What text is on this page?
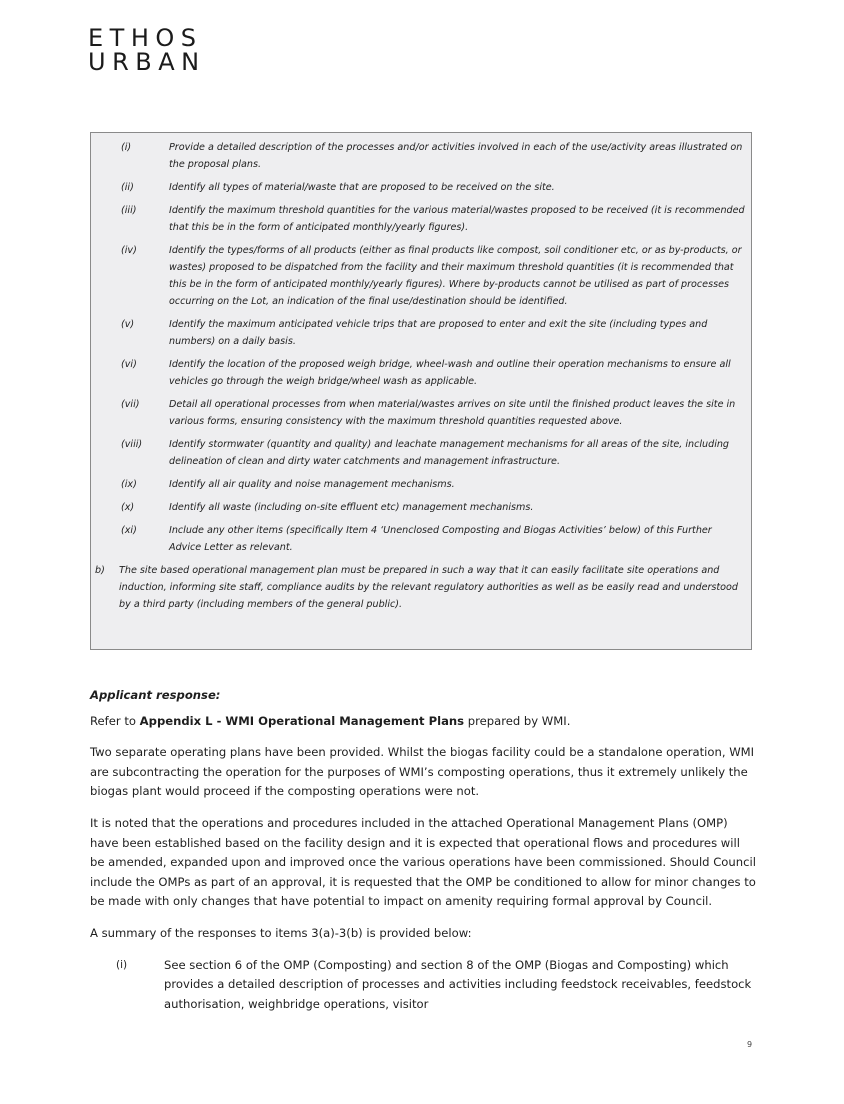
ETHOS
URBAN
(i)	Provide a detailed description of the processes and/or activities involved in each of the use/activity areas illustrated on the proposal plans.
(ii)	Identify all types of material/waste that are proposed to be received on the site.
(iii)	Identify the maximum threshold quantities for the various material/wastes proposed to be received (it is recommended that this be in the form of anticipated monthly/yearly figures).
(iv)	Identify the types/forms of all products (either as final products like compost, soil conditioner etc, or as by-products, or wastes) proposed to be dispatched from the facility and their maximum threshold quantities (it is recommended that this be in the form of anticipated monthly/yearly figures). Where by-products cannot be utilised as part of processes occurring on the Lot, an indication of the final use/destination should be identified.
(v)	Identify the maximum anticipated vehicle trips that are proposed to enter and exit the site (including types and numbers) on a daily basis.
(vi)	Identify the location of the proposed weigh bridge, wheel-wash and outline their operation mechanisms to ensure all vehicles go through the weigh bridge/wheel wash as applicable.
(vii)	Detail all operational processes from when material/wastes arrives on site until the finished product leaves the site in various forms, ensuring consistency with the maximum threshold quantities requested above.
(viii)	Identify stormwater (quantity and quality) and leachate management mechanisms for all areas of the site, including delineation of clean and dirty water catchments and management infrastructure.
(ix)	Identify all air quality and noise management mechanisms.
(x)	Identify all waste (including on-site effluent etc) management mechanisms.
(xi)	Include any other items (specifically Item 4 ‘Unenclosed Composting and Biogas Activities’ below) of this Further Advice Letter as relevant.
b)	The site based operational management plan must be prepared in such a way that it can easily facilitate site operations and induction, informing site staff, compliance audits by the relevant regulatory authorities as well as be easily read and understood by a third party (including members of the general public).

Applicant response:

Refer to Appendix L - WMI Operational Management Plans prepared by WMI.

Two separate operating plans have been provided. Whilst the biogas facility could be a standalone operation, WMI are subcontracting the operation for the purposes of WMI’s composting operations, thus it extremely unlikely the biogas plant would proceed if the composting operations were not.

It is noted that the operations and procedures included in the attached Operational Management Plans (OMP) have been established based on the facility design and it is expected that operational flows and procedures will be amended, expanded upon and improved once the various operations have been commissioned. Should Council include the OMPs as part of an approval, it is requested that the OMP be conditioned to allow for minor changes to be made with only changes that have potential to impact on amenity requiring formal approval by Council.

A summary of the responses to items 3(a)-3(b) is provided below:

(i)	See section 6 of the OMP (Composting) and section 8 of the OMP (Biogas and Composting) which provides a detailed description of processes and activities including feedstock receivables, feedstock authorisation, weighbridge operations, visitor
9
